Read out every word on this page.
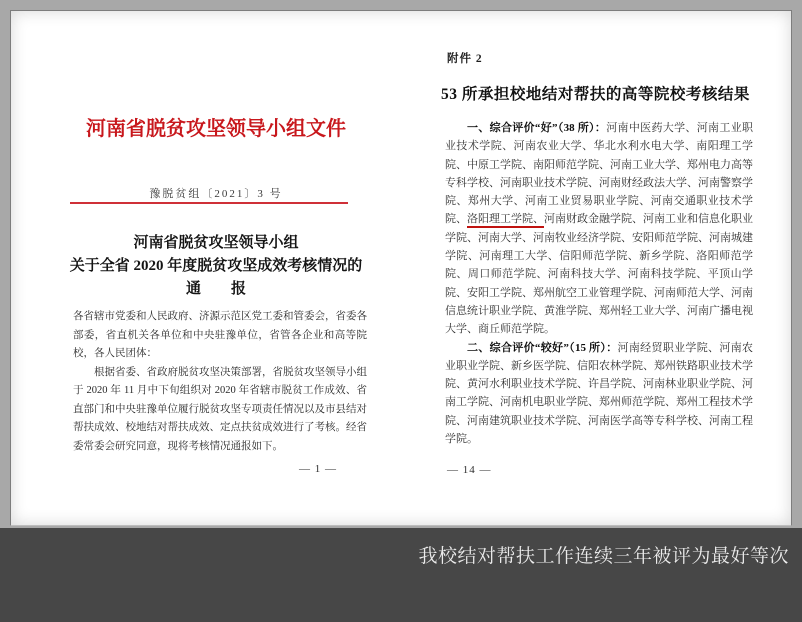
河南省脱贫攻坚领导小组文件
豫脱贫组〔2021〕3 号
河南省脱贫攻坚领导小组
关于全省 2020 年度脱贫攻坚成效考核情况的
通　　报

各省辖市党委和人民政府、济源示范区党工委和管委会，省委各部委，省直机关各单位和中央驻豫单位，省管各企业和高等院校，各人民团体：

根据省委、省政府脱贫攻坚决策部署，省脱贫攻坚领导小组于 2020 年 11 月中下旬组织对 2020 年省辖市脱贫工作成效、省直部门和中央驻豫单位履行脱贫攻坚专项责任情况以及市县结对帮扶成效、校地结对帮扶成效、定点扶贫成效进行了考核。经省委常委会研究同意，现将考核情况通报如下。

— 1 —
附件 2
53 所承担校地结对帮扶的高等院校考核结果

一、综合评价“好”（38 所）：河南中医药大学、河南工业职业技术学院、河南农业大学、华北水利水电大学、南阳理工学院、中原工学院、南阳师范学院、河南工业大学、郑州电力高等专科学校、河南职业技术学院、河南财经政法大学、河南警察学院、郑州大学、河南工业贸易职业学院、河南交通职业技术学院、洛阳理工学院、河南财政金融学院、河南工业和信息化职业学院、河南大学、河南牧业经济学院、安阳师范学院、河南城建学院、河南理工大学、信阳师范学院、新乡学院、洛阳师范学院、周口师范学院、河南科技大学、河南科技学院、平顶山学院、安阳工学院、郑州航空工业管理学院、河南师范大学、河南信息统计职业学院、黄淮学院、郑州轻工业大学、河南广播电视大学、商丘师范学院。

二、综合评价“较好”（15 所）：河南经贸职业学院、河南农业职业学院、新乡医学院、信阳农林学院、郑州铁路职业技术学院、黄河水利职业技术学院、许昌学院、河南林业职业学院、河南工学院、河南机电职业学院、郑州师范学院、郑州工程技术学院、河南建筑职业技术学院、河南医学高等专科学校、河南工程学院。

— 14 —
我校结对帮扶工作连续三年被评为最好等次
